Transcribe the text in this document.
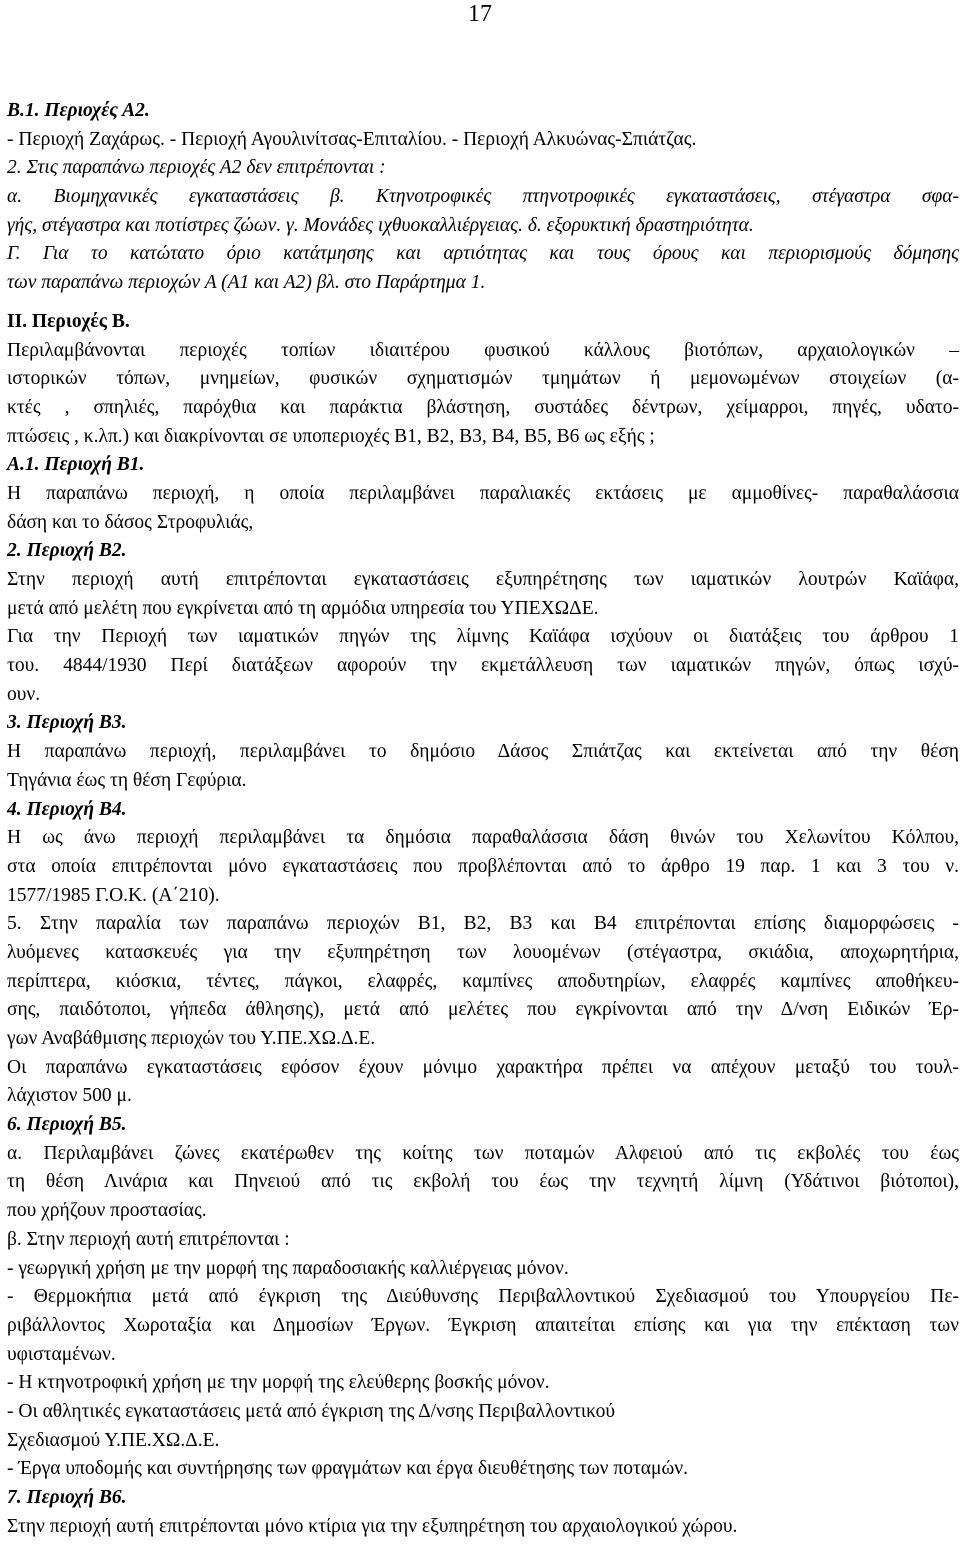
17
Β.1. Περιοχές Α2.
- Περιοχή Ζαχάρως. - Περιοχή Αγουλινίτσας-Επιταλίου. - Περιοχή Αλκυώνας-Σπιάτζας.
2. Στις παραπάνω περιοχές Α2 δεν επιτρέπονται :
α. Βιομηχανικές εγκαταστάσεις β. Κτηνοτροφικές πτηνοτροφικές εγκαταστάσεις, στέγαστρα σφα-
γής, στέγαστρα και ποτίστρες ζώων. γ. Μονάδες ιχθυοκαλλιέργειας. δ. εξορυκτική δραστηριότητα.
Γ. Για το κατώτατο όριο κατάτμησης και αρτιότητας και τους όρους και περιορισμούς δόμησης
των παραπάνω περιοχών Α (Α1 και Α2) βλ. στο Παράρτημα 1.
ΙΙ. Περιοχές Β.
Περιλαμβάνονται περιοχές τοπίων ιδιαιτέρου φυσικού κάλλους βιοτόπων, αρχαιολογικών –
ιστορικών τόπων, μνημείων, φυσικών σχηματισμών τμημάτων ή μεμονωμένων στοιχείων (α-
κτές , σπηλιές, παρόχθια και παράκτια βλάστηση, συστάδες δέντρων, χείμαρροι, πηγές, υδατο-
πτώσεις , κ.λπ.) και διακρίνονται σε υποπεριοχές Β1, Β2, Β3, Β4, Β5, Β6 ως εξής ;
Α.1. Περιοχή Β1.
Η παραπάνω περιοχή, η οποία περιλαμβάνει παραλιακές εκτάσεις με αμμοθίνες- παραθαλάσσια
δάση και το δάσος Στροφυλιάς,
2. Περιοχή Β2.
Στην περιοχή αυτή επιτρέπονται εγκαταστάσεις εξυπηρέτησης των ιαματικών λουτρών Καϊάφα,
μετά από μελέτη που εγκρίνεται από τη αρμόδια υπηρεσία του ΥΠΕΧΩΔΕ.
Για την Περιοχή των ιαματικών πηγών της λίμνης Καϊάφα ισχύουν οι διατάξεις του άρθρου 1
του. 4844/1930 Περί διατάξεων αφορούν την εκμετάλλευση των ιαματικών πηγών, όπως ισχύ-
ουν.
3. Περιοχή Β3.
Η παραπάνω περιοχή, περιλαμβάνει το δημόσιο Δάσος Σπιάτζας και εκτείνεται από την θέση
Τηγάνια έως τη θέση Γεφύρια.
4. Περιοχή Β4.
Η ως άνω περιοχή περιλαμβάνει τα δημόσια παραθαλάσσια δάση θινών του Χελωνίτου Κόλπου,
στα οποία επιτρέπονται μόνο εγκαταστάσεις που προβλέπονται από το άρθρο 19 παρ. 1 και 3 του ν.
1577/1985 Γ.Ο.Κ. (Α΄210).
5. Στην παραλία των παραπάνω περιοχών Β1, Β2, Β3 και Β4 επιτρέπονται επίσης διαμορφώσεις -
λυόμενες κατασκευές για την εξυπηρέτηση των λουομένων (στέγαστρα, σκιάδια, αποχωρητήρια,
περίπτερα, κιόσκια, τέντες, πάγκοι, ελαφρές, καμπίνες αποδυτηρίων, ελαφρές καμπίνες αποθήκευ-
σης, παιδότοποι, γήπεδα άθλησης), μετά από μελέτες που εγκρίνονται από την Δ/νση Ειδικών Έρ-
γων Αναβάθμισης περιοχών του Υ.ΠΕ.ΧΩ.Δ.Ε.
Οι παραπάνω εγκαταστάσεις εφόσον έχουν μόνιμο χαρακτήρα πρέπει να απέχουν μεταξύ του τουλ-
λάχιστον 500 μ.
6. Περιοχή Β5.
α. Περιλαμβάνει ζώνες εκατέρωθεν της κοίτης των ποταμών Αλφειού από τις εκβολές του έως
τη θέση Λινάρια και Πηνειού από τις εκβολή του έως την τεχνητή λίμνη (Υδάτινοι βιότοποι),
που χρήζουν προστασίας.
β. Στην περιοχή αυτή επιτρέπονται :
- γεωργική χρήση με την μορφή της παραδοσιακής καλλιέργειας μόνον.
- Θερμοκήπια μετά από έγκριση της Διεύθυνσης Περιβαλλοντικού Σχεδιασμού του Υπουργείου Πε-
ριβάλλοντος Χωροταξία και Δημοσίων Έργων. Έγκριση απαιτείται επίσης και για την επέκταση των
υφισταμένων.
- Η κτηνοτροφική χρήση με την μορφή της ελεύθερης βοσκής μόνον.
- Οι αθλητικές εγκαταστάσεις μετά από έγκριση της Δ/νσης Περιβαλλοντικού
Σχεδιασμού Υ.ΠΕ.ΧΩ.Δ.Ε.
- Έργα υποδομής και συντήρησης των φραγμάτων και έργα διευθέτησης των ποταμών.
7. Περιοχή Β6.
Στην περιοχή αυτή επιτρέπονται μόνο κτίρια για την εξυπηρέτηση του αρχαιολογικού χώρου.
